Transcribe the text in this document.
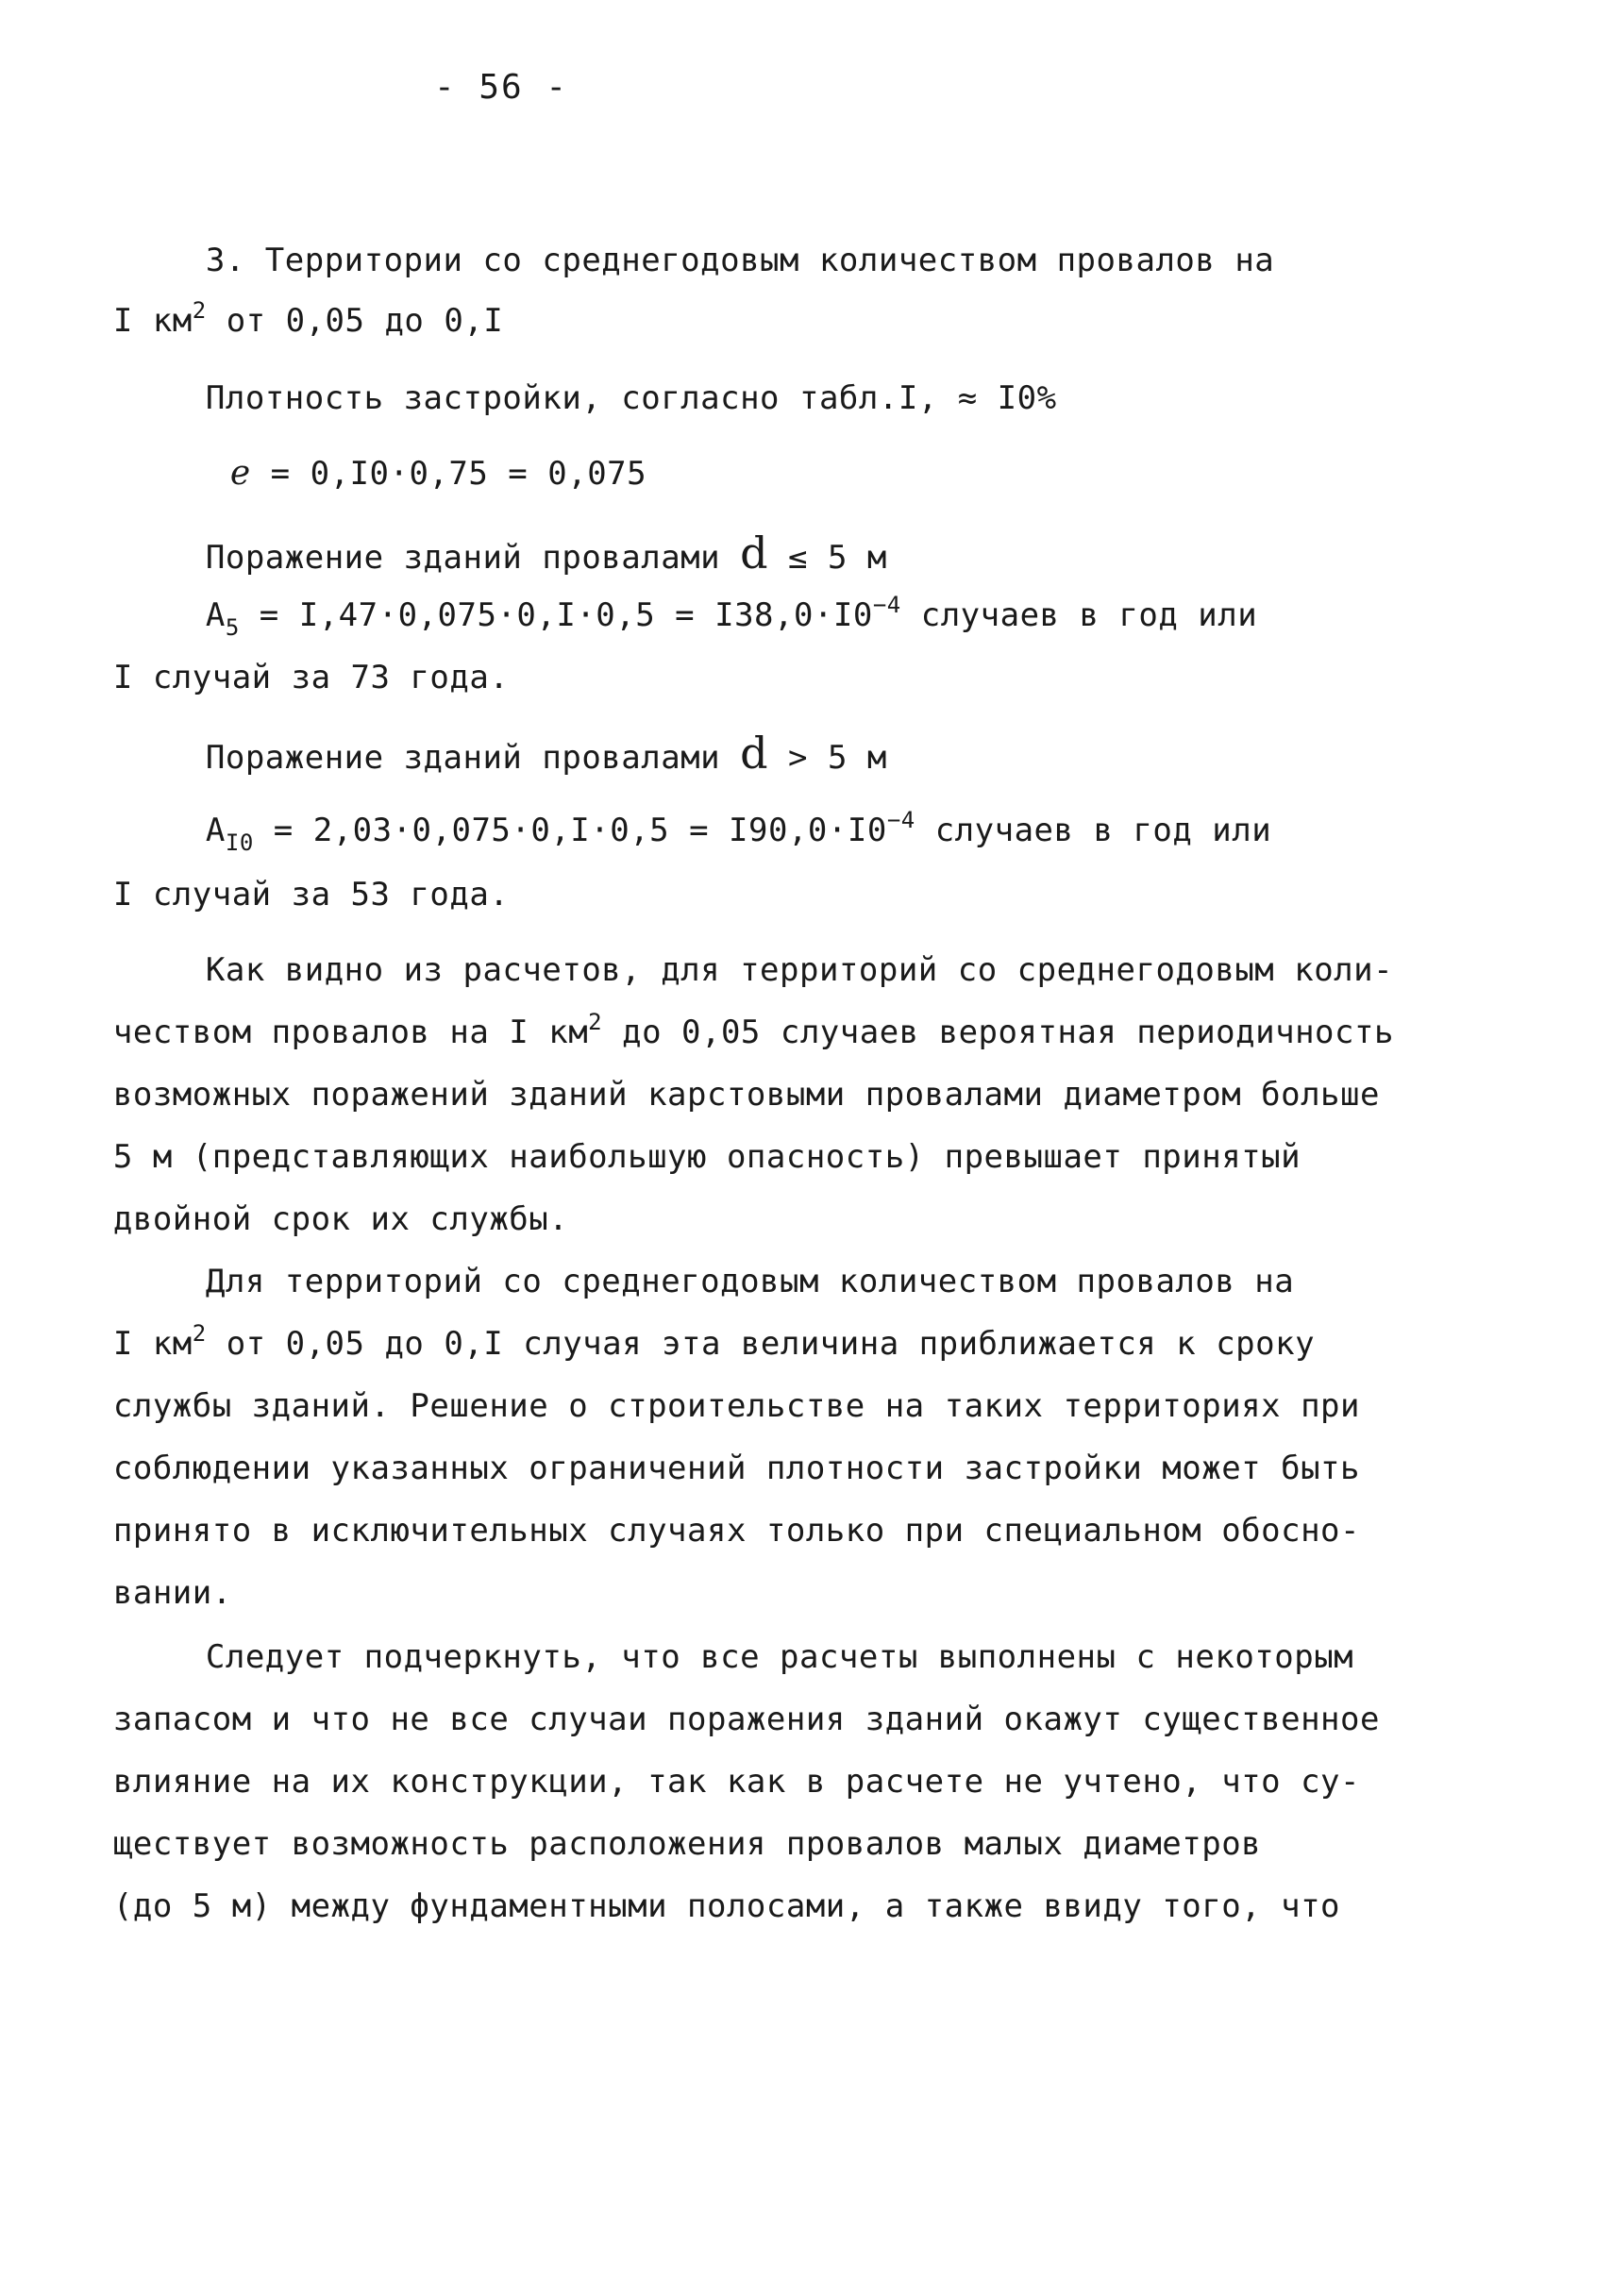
- 56 -

3. Территории со среднегодовым количеством провалов на

I $км^2$ от 0,05 до 0,I

Плотность застройки, согласно табл.I, ≈ I0%

e = 0,I0·0,75 = 0,075

Поражение зданий провалами d ≤ 5 м

$A_5 = I,47\cdot 0,075\cdot 0,I\cdot 0,5 = I38,0\cdot I0^{-4}$ случаев в год или

I случай за 73 года.

Поражение зданий провалами d > 5 м

$A_{I0} = 2,03\cdot 0,075\cdot 0,I\cdot 0,5 = I90,0\cdot I0^{-4}$ случаев в год или

I случай за 53 года.

Как видно из расчетов, для территорий со среднегодовым коли-

чеством провалов на I $км^2$ до 0,05 случаев вероятная периодичность

возможных поражений зданий карстовыми провалами диаметром больше

5 м (представляющих наибольшую опасность) превышает принятый

двойной срок их службы.

Для территорий со среднегодовым количеством провалов на

I $км^2$ от 0,05 до 0,I случая эта величина приближается к сроку

службы зданий. Решение о строительстве на таких территориях при

соблюдении указанных ограничений плотности застройки может быть

принято в исключительных случаях только при специальном обосно-

вании.

Следует подчеркнуть, что все расчеты выполнены с некоторым

запасом и что не все случаи поражения зданий окажут существенное

влияние на их конструкции, так как в расчете не учтено, что су-

ществует возможность расположения провалов малых диаметров

(до 5 м) между фундаментными полосами, а также ввиду того, что
